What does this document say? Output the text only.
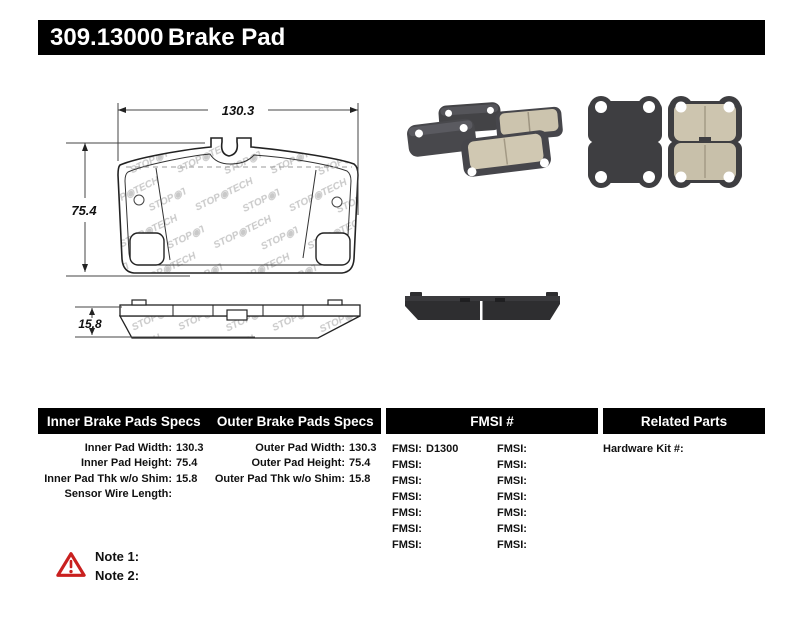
309.13000 Brake Pad
130.3
75.4
15.8
Inner Brake Pads Specs	Outer Brake Pads Specs	FMSI #	Related Parts
Inner Pad Width: 130.3
Inner Pad Height: 75.4
Inner Pad Thk w/o Shim: 15.8
Sensor Wire Length:
Outer Pad Width: 130.3
Outer Pad Height: 75.4
Outer Pad Thk w/o Shim: 15.8
FMSI: D1300
FMSI:
FMSI:
FMSI:
FMSI:
FMSI:
FMSI:
FMSI:
FMSI:
FMSI:
FMSI:
FMSI:
FMSI:
FMSI:
Hardware Kit #:
Note 1:
Note 2:
